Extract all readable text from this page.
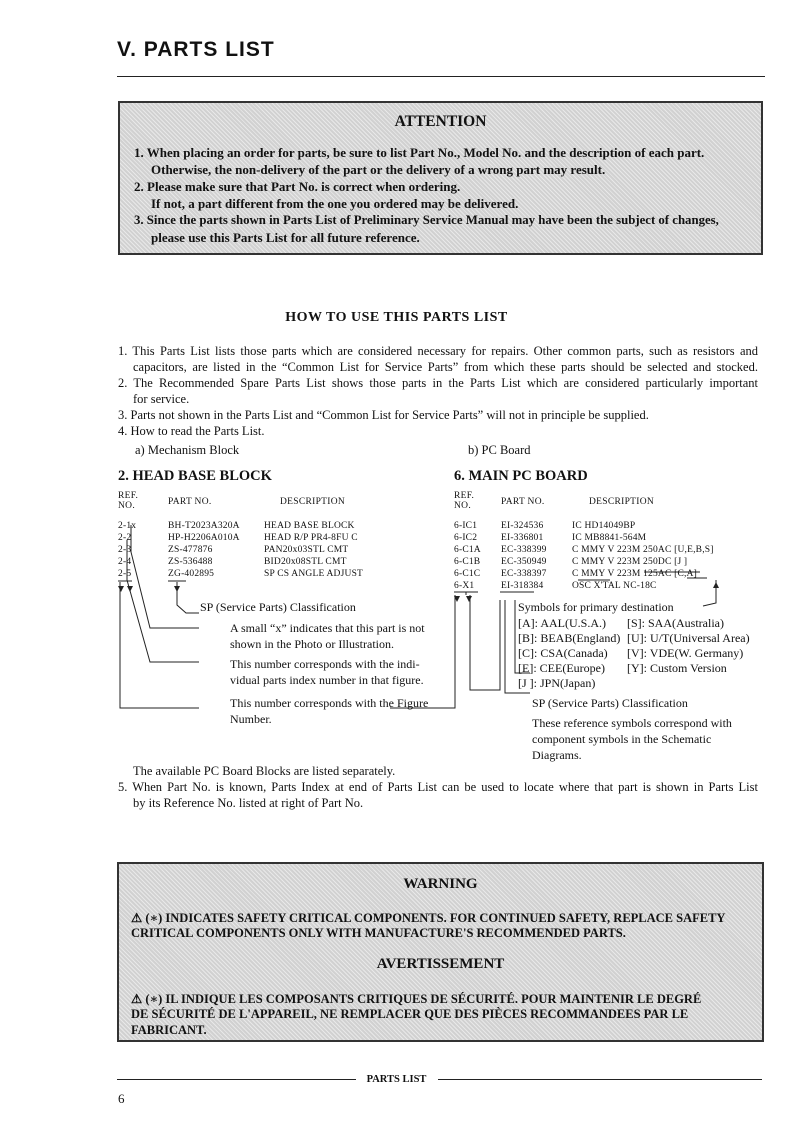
V. PARTS LIST
ATTENTION
1. When placing an order for parts, be sure to list Part No., Model No. and the description of each part.
Otherwise, the non-delivery of the part or the delivery of a wrong part may result.
2. Please make sure that Part No. is correct when ordering.
If not, a part different from the one you ordered may be delivered.
3. Since the parts shown in Parts List of Preliminary Service Manual may have been the subject of changes,
please use this Parts List for all future reference.
HOW TO USE THIS PARTS LIST
1. This Parts List lists those parts which are considered necessary for repairs. Other common parts, such as resistors and
capacitors, are listed in the “Common List for Service Parts” from which these parts should be selected and stocked.
2. The Recommended Spare Parts List shows those parts in the Parts List which are considered particularly important
for service.
3. Parts not shown in the Parts List and “Common List for Service Parts” will not in principle be supplied.
4. How to read the Parts List.
a) Mechanism Block	b) PC Board
2. HEAD BASE BLOCK
REF.
NO.	PART NO.	DESCRIPTION
2-1x	BH-T2023A320A	HEAD BASE BLOCK
2-2	HP-H2206A010A	HEAD R/P PR4-8FU C
2-3	ZS-477876	PAN20x03STL CMT
2-4	ZS-536488	BID20x08STL CMT
2-5	ZG-402895	SP CS ANGLE ADJUST
SP (Service Parts) Classification
A small “x” indicates that this part is not
shown in the Photo or Illustration.
This number corresponds with the indi-
vidual parts index number in that figure.
This number corresponds with the Figure
Number.
6. MAIN PC BOARD
REF.
NO.	PART NO.	DESCRIPTION
6-IC1	EI-324536	IC HD14049BP
6-IC2	EI-336801	IC MB8841-564M
6-C1A EC-338399	C MMY V 223M 250AC [U,E,B,S]
6-C1B EC-350949	C MMY V 223M 250DC [J ]
6-C1C EC-338397	C MMY V 223M 125AC [C,A]
6-X1	EI-318384	OSC X'TAL NC-18C
Symbols for primary destination
[A]: AAL(U.S.A.) [S]: SAA(Australia)
[B]: BEAB(England) [U]: U/T(Universal Area)
[C]: CSA(Canada) [V]: VDE(W. Germany)
[E]: CEE(Europe) [Y]: Custom Version
[J ]: JPN(Japan)
SP (Service Parts) Classification
These reference symbols correspond with
component symbols in the Schematic
Diagrams.
The available PC Board Blocks are listed separately.
5. When Part No. is known, Parts Index at end of Parts List can be used to locate where that part is shown in Parts List
by its Reference No. listed at right of Part No.
WARNING
⚠ (∗) INDICATES SAFETY CRITICAL COMPONENTS. FOR CONTINUED SAFETY, REPLACE SAFETY
CRITICAL COMPONENTS ONLY WITH MANUFACTURE'S RECOMMENDED PARTS.
AVERTISSEMENT
⚠ (∗) IL INDIQUE LES COMPOSANTS CRITIQUES DE SÉCURITÉ. POUR MAINTENIR LE DEGRÉ
DE SÉCURITÉ DE L'APPAREIL, NE REMPLACER QUE DES PIÈCES RECOMMANDEES PAR LE
FABRICANT.
PARTS LIST
6
